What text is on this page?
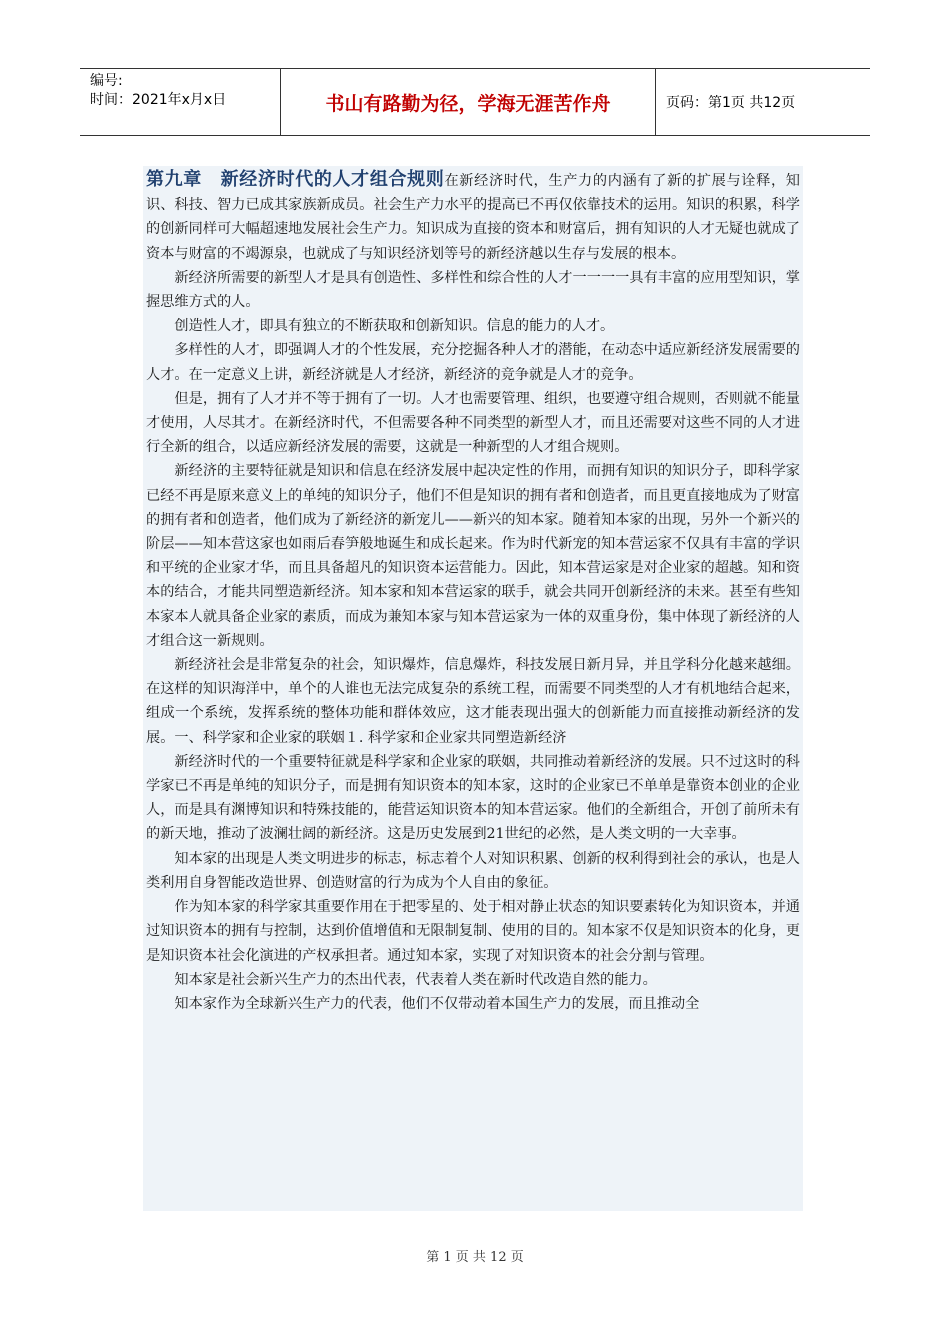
编号:
时间：2021年x月x日	书山有路勤为径，学海无涯苦作舟	页码：第1页 共12页

第九章　新经济时代的人才组合规则在新经济时代，生产力的内涵有了新的扩展与诠释，知识、科技、智力已成其家族新成员。社会生产力水平的提高已不再仅依靠技术的运用。知识的积累，科学的创新同样可大幅超速地发展社会生产力。知识成为直接的资本和财富后，拥有知识的人才无疑也就成了资本与财富的不竭源泉，也就成了与知识经济划等号的新经济越以生存与发展的根本。

新经济所需要的新型人才是具有创造性、多样性和综合性的人才一一一一具有丰富的应用型知识，掌握思维方式的人。

创造性人才，即具有独立的不断获取和创新知识。信息的能力的人才。

多样性的人才，即强调人才的个性发展，充分挖掘各种人才的潜能，在动态中适应新经济发展需要的人才。在一定意义上讲，新经济就是人才经济，新经济的竞争就是人才的竞争。

但是，拥有了人才并不等于拥有了一切。人才也需要管理、组织，也要遵守组合规则，否则就不能量才使用，人尽其才。在新经济时代，不但需要各种不同类型的新型人才，而且还需要对这些不同的人才进行全新的组合，以适应新经济发展的需要，这就是一种新型的人才组合规则。

新经济的主要特征就是知识和信息在经济发展中起决定性的作用，而拥有知识的知识分子，即科学家已经不再是原来意义上的单纯的知识分子，他们不但是知识的拥有者和创造者，而且更直接地成为了财富的拥有者和创造者，他们成为了新经济的新宠儿——新兴的知本家。随着知本家的出现，另外一个新兴的阶层——知本营这家也如雨后春笋般地诞生和成长起来。作为时代新宠的知本营运家不仅具有丰富的学识和平统的企业家才华，而且具备超凡的知识资本运营能力。因此，知本营运家是对企业家的超越。知和资本的结合，才能共同塑造新经济。知本家和知本营运家的联手，就会共同开创新经济的未来。甚至有些知本家本人就具备企业家的素质，而成为兼知本家与知本营运家为一体的双重身份，集中体现了新经济的人才组合这一新规则。

新经济社会是非常复杂的社会，知识爆炸，信息爆炸，科技发展日新月异，并且学科分化越来越细。在这样的知识海洋中，单个的人谁也无法完成复杂的系统工程，而需要不同类型的人才有机地结合起来，组成一个系统，发挥系统的整体功能和群体效应，这才能表现出强大的创新能力而直接推动新经济的发展。一、科学家和企业家的联姻１. 科学家和企业家共同塑造新经济

新经济时代的一个重要特征就是科学家和企业家的联姻，共同推动着新经济的发展。只不过这时的科学家已不再是单纯的知识分子，而是拥有知识资本的知本家，这时的企业家已不单单是靠资本创业的企业人，而是具有渊博知识和特殊技能的，能营运知识资本的知本营运家。他们的全新组合，开创了前所未有的新天地，推动了波澜壮阔的新经济。这是历史发展到21世纪的必然，是人类文明的一大幸事。

知本家的出现是人类文明进步的标志，标志着个人对知识积累、创新的权利得到社会的承认，也是人类利用自身智能改造世界、创造财富的行为成为个人自由的象征。

作为知本家的科学家其重要作用在于把零星的、处于相对静止状态的知识要素转化为知识资本，并通过知识资本的拥有与控制，达到价值增值和无限制复制、使用的目的。知本家不仅是知识资本的化身，更是知识资本社会化演进的产权承担者。通过知本家，实现了对知识资本的社会分割与管理。

知本家是社会新兴生产力的杰出代表，代表着人类在新时代改造自然的能力。

知本家作为全球新兴生产力的代表，他们不仅带动着本国生产力的发展，而且推动全

第 1 页 共 12 页
